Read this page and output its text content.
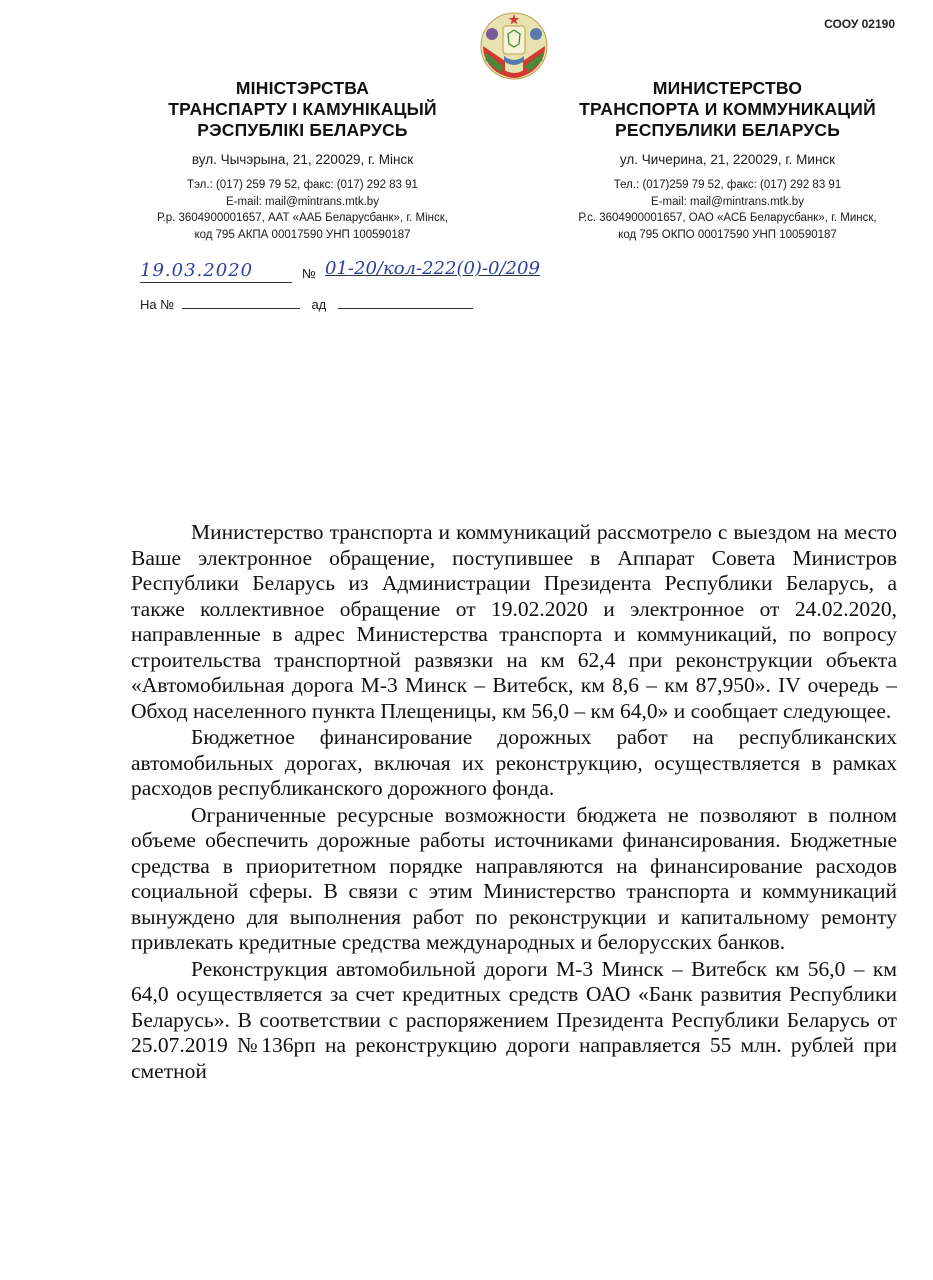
СООУ 02190
МІНІСТЭРСТВА
ТРАНСПАРТУ І КАМУНІКАЦЫЙ
РЭСПУБЛІКІ БЕЛАРУСЬ
вул. Чычэрына, 21, 220029, г. Мінск
Тэл.: (017) 259 79 52, факс: (017) 292 83 91
E-mail: mail@mintrans.mtk.by
Р.р. 3604900001657, ААТ «ААБ Беларусбанк», г. Мінск,
код 795 АКПА 00017590 УНП 100590187
МИНИСТЕРСТВО
ТРАНСПОРТА И КОММУНИКАЦИЙ
РЕСПУБЛИКИ БЕЛАРУСЬ
ул. Чичерина, 21, 220029, г. Минск
Тел.: (017)259 79 52, факс: (017) 292 83 91
E-mail: mail@mintrans.mtk.by
Р.с. 3604900001657, ОАО «АСБ Беларусбанк», г. Минск,
код 795 ОКПО 00017590 УНП 100590187
19.03.2020	№ 01-20/кол-222(0)-0/209
На №	ад

Министерство транспорта и коммуникаций рассмотрело с выездом на место Ваше электронное обращение, поступившее в Аппарат Совета Министров Республики Беларусь из Администрации Президента Республики Беларусь, а также коллективное обращение от 19.02.2020 и электронное от 24.02.2020, направленные в адрес Министерства транспорта и коммуникаций, по вопросу строительства транспортной развязки на км 62,4 при реконструкции объекта «Автомобильная дорога М-3 Минск – Витебск, км 8,6 – км 87,950». IV очередь – Обход населенного пункта Плещеницы, км 56,0 – км 64,0» и сообщает следующее.

Бюджетное финансирование дорожных работ на республиканских автомобильных дорогах, включая их реконструкцию, осуществляется в рамках расходов республиканского дорожного фонда.

Ограниченные ресурсные возможности бюджета не позволяют в полном объеме обеспечить дорожные работы источниками финансирования. Бюджетные средства в приоритетном порядке направляются на финансирование расходов социальной сферы. В связи с этим Министерство транспорта и коммуникаций вынуждено для выполнения работ по реконструкции и капитальному ремонту привлекать кредитные средства международных и белорусских банков.

Реконструкция автомобильной дороги М-3 Минск – Витебск км 56,0 – км 64,0 осуществляется за счет кредитных средств ОАО «Банк развития Республики Беларусь». В соответствии с распоряжением Президента Республики Беларусь от 25.07.2019 №136рп на реконструкцию дороги направляется 55 млн. рублей при сметной
